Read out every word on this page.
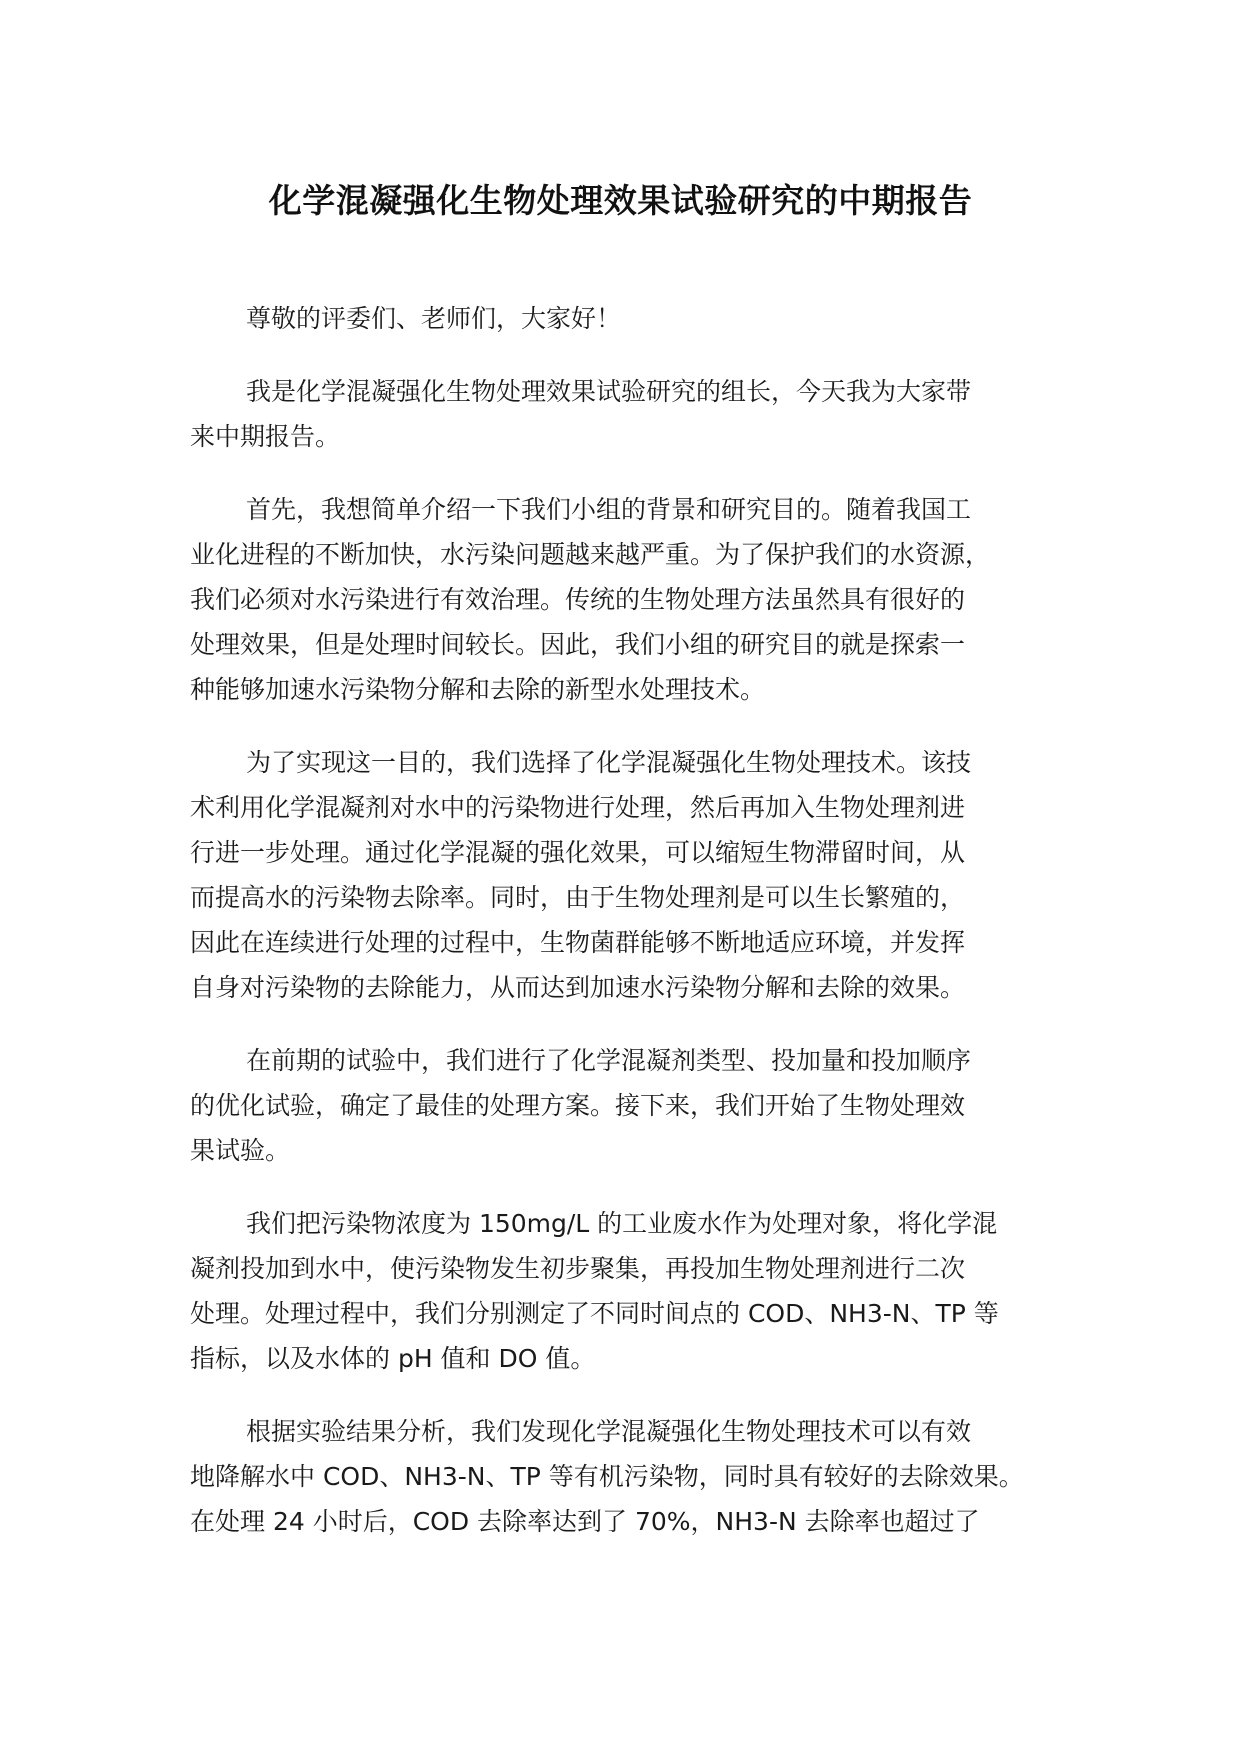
化学混凝强化生物处理效果试验研究的中期报告
尊敬的评委们、老师们，大家好！
我是化学混凝强化生物处理效果试验研究的组长，今天我为大家带
来中期报告。
首先，我想简单介绍一下我们小组的背景和研究目的。随着我国工
业化进程的不断加快，水污染问题越来越严重。为了保护我们的水资源，
我们必须对水污染进行有效治理。传统的生物处理方法虽然具有很好的
处理效果，但是处理时间较长。因此，我们小组的研究目的就是探索一
种能够加速水污染物分解和去除的新型水处理技术。
为了实现这一目的，我们选择了化学混凝强化生物处理技术。该技
术利用化学混凝剂对水中的污染物进行处理，然后再加入生物处理剂进
行进一步处理。通过化学混凝的强化效果，可以缩短生物滞留时间，从
而提高水的污染物去除率。同时，由于生物处理剂是可以生长繁殖的，
因此在连续进行处理的过程中，生物菌群能够不断地适应环境，并发挥
自身对污染物的去除能力，从而达到加速水污染物分解和去除的效果。
在前期的试验中，我们进行了化学混凝剂类型、投加量和投加顺序
的优化试验，确定了最佳的处理方案。接下来，我们开始了生物处理效
果试验。
我们把污染物浓度为 150mg/L 的工业废水作为处理对象，将化学混
凝剂投加到水中，使污染物发生初步聚集，再投加生物处理剂进行二次
处理。处理过程中，我们分别测定了不同时间点的 COD、NH3-N、TP 等
指标，以及水体的 pH 值和 DO 值。
根据实验结果分析，我们发现化学混凝强化生物处理技术可以有效
地降解水中 COD、NH3-N、TP 等有机污染物，同时具有较好的去除效果。
在处理 24 小时后，COD 去除率达到了 70%，NH3-N 去除率也超过了
